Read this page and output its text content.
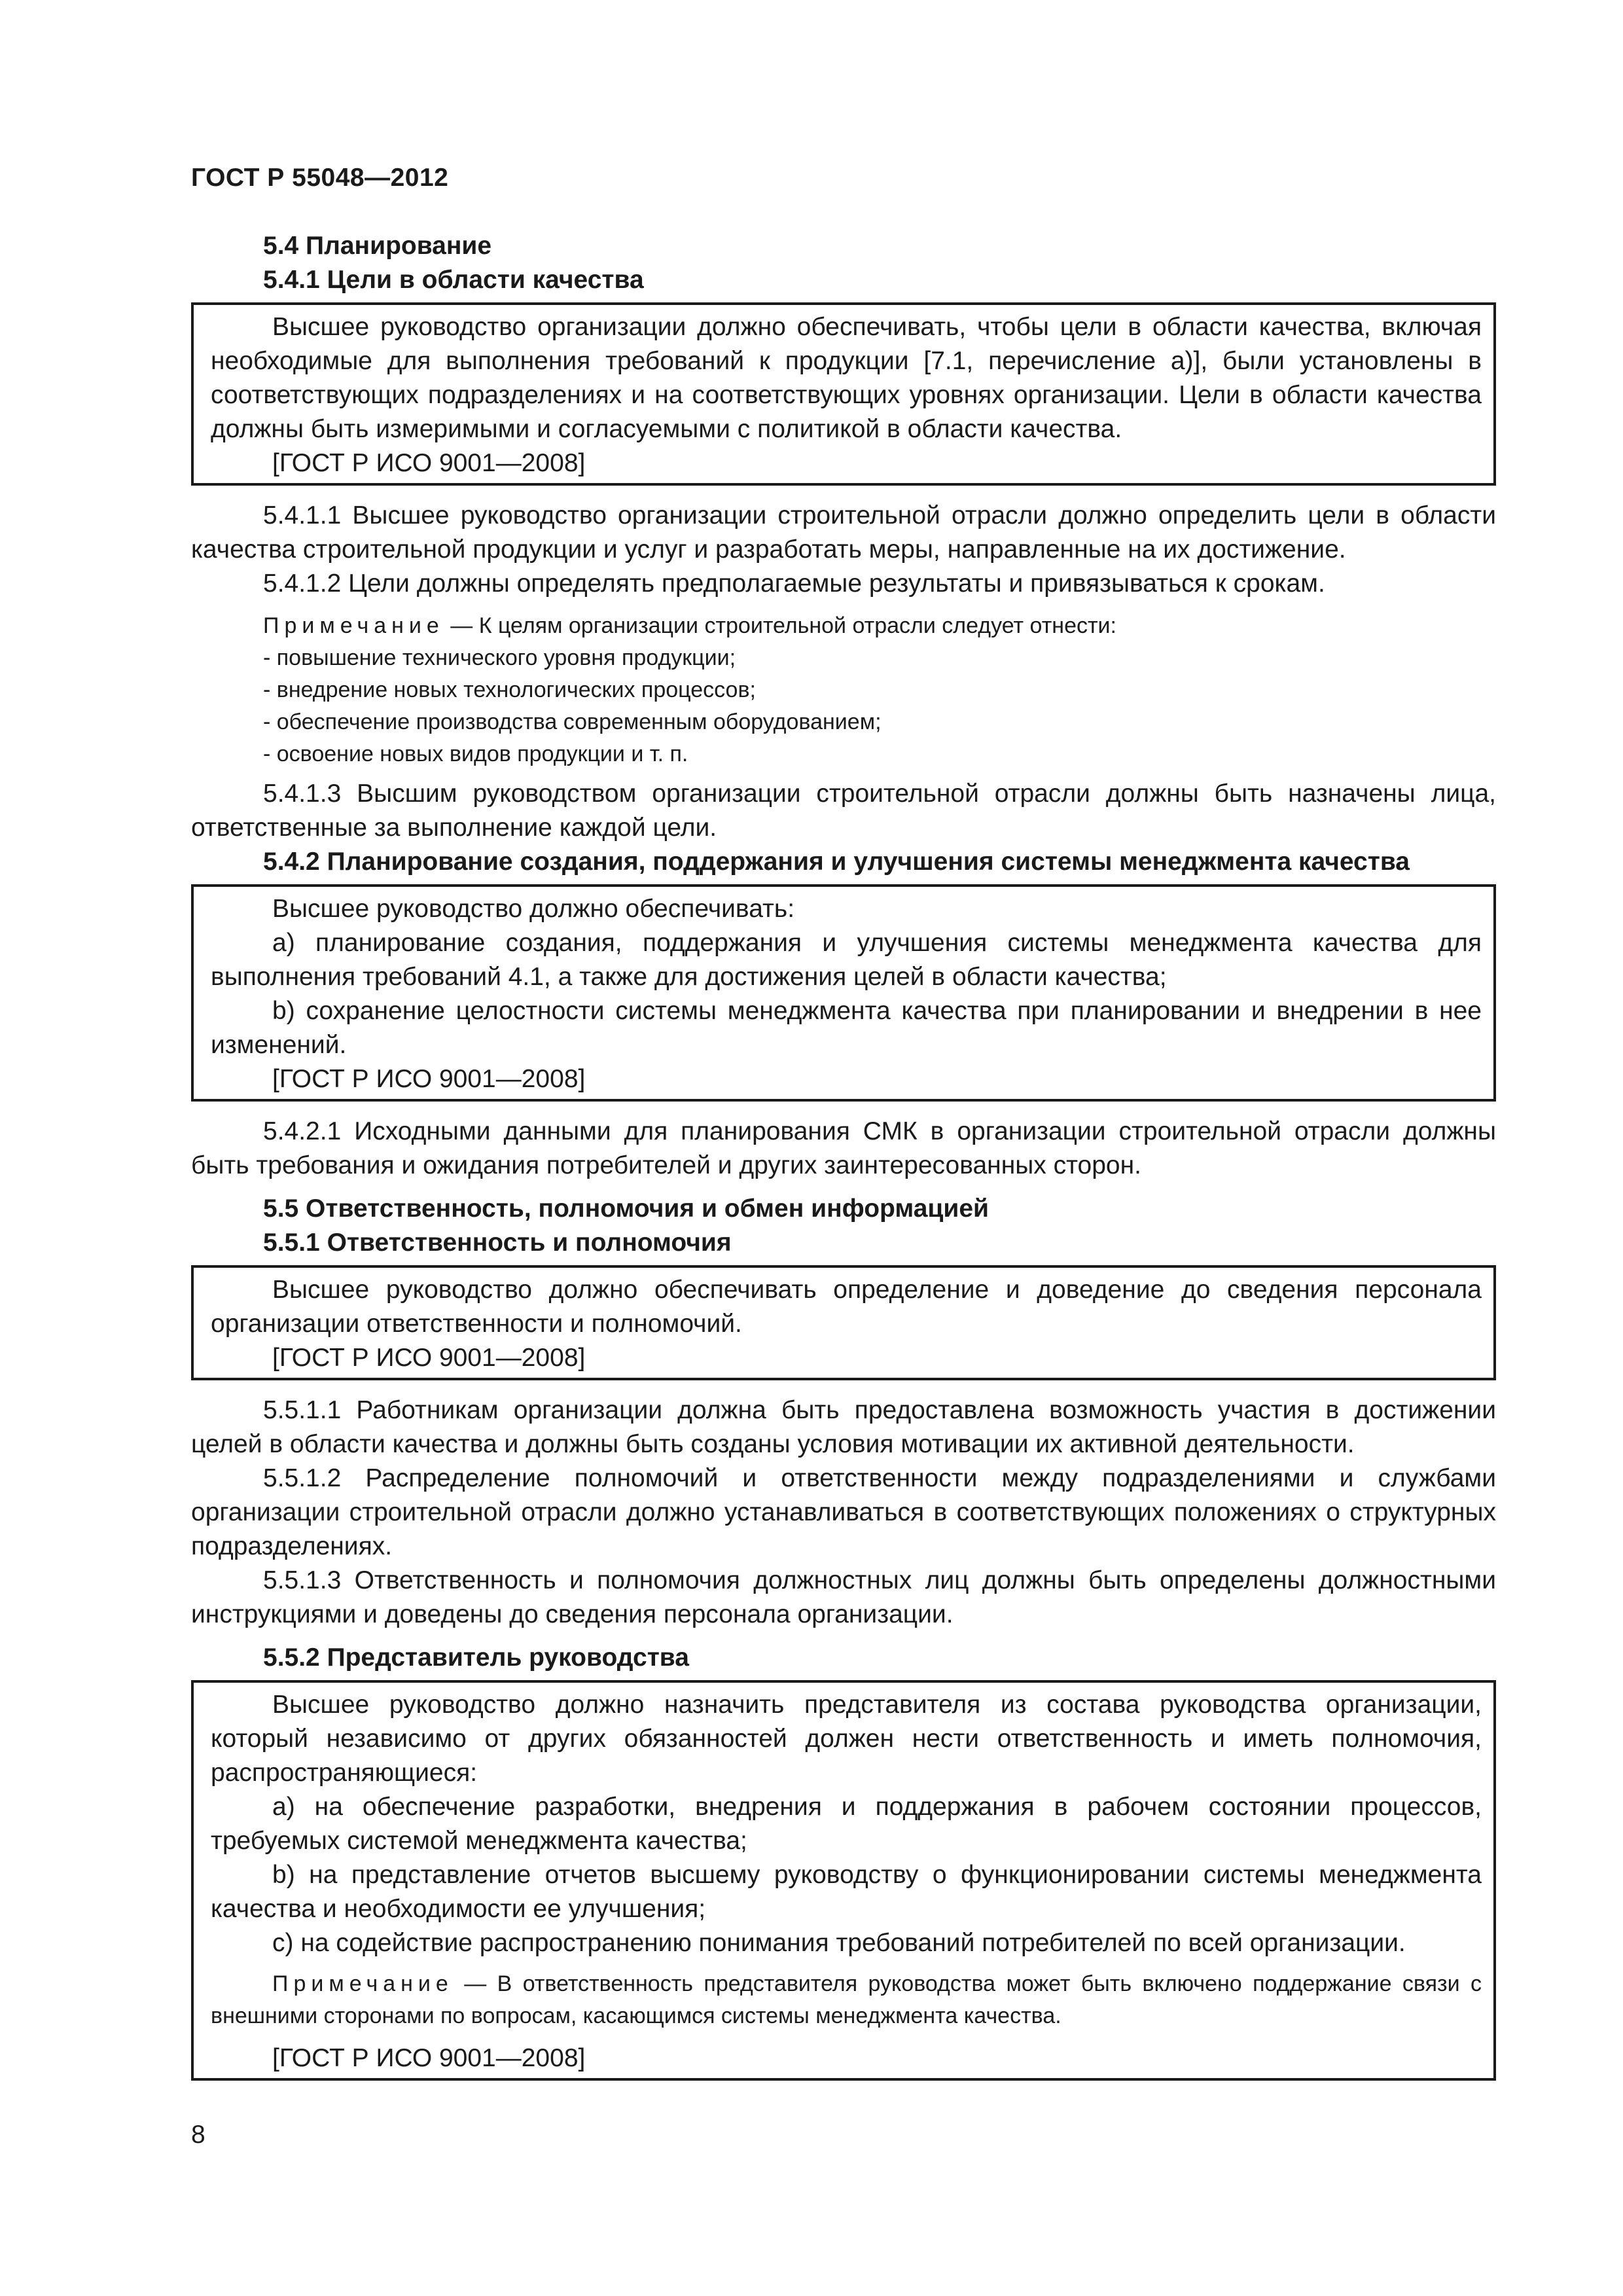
ГОСТ Р 55048—2012

5.4 Планирование

5.4.1 Цели в области качества

Высшее руководство организации должно обеспечивать, чтобы цели в области качества, включая необходимые для выполнения требований к продукции [7.1, перечисление а)], были установлены в соответствующих подразделениях и на соответствующих уровнях организации. Цели в области качества должны быть измеримыми и согласуемыми с политикой в области качества.

[ГОСТ Р ИСО 9001—2008]

5.4.1.1 Высшее руководство организации строительной отрасли должно определить цели в области качества строительной продукции и услуг и разработать меры, направленные на их достижение.

5.4.1.2 Цели должны определять предполагаемые результаты и привязываться к срокам.

Примечание — К целям организации строительной отрасли следует отнести:

- повышение технического уровня продукции;
- внедрение новых технологических процессов;
- обеспечение производства современным оборудованием;
- освоение новых видов продукции и т. п.

5.4.1.3 Высшим руководством организации строительной отрасли должны быть назначены лица, ответственные за выполнение каждой цели.

5.4.2 Планирование создания, поддержания и улучшения системы менеджмента качества

Высшее руководство должно обеспечивать:

а) планирование создания, поддержания и улучшения системы менеджмента качества для выполнения требований 4.1, а также для достижения целей в области качества;

b) сохранение целостности системы менеджмента качества при планировании и внедрении в нее изменений.

[ГОСТ Р ИСО 9001—2008]

5.4.2.1 Исходными данными для планирования СМК в организации строительной отрасли должны быть требования и ожидания потребителей и других заинтересованных сторон.

5.5 Ответственность, полномочия и обмен информацией

5.5.1 Ответственность и полномочия

Высшее руководство должно обеспечивать определение и доведение до сведения персонала организации ответственности и полномочий.

[ГОСТ Р ИСО 9001—2008]

5.5.1.1 Работникам организации должна быть предоставлена возможность участия в достижении целей в области качества и должны быть созданы условия мотивации их активной деятельности.

5.5.1.2 Распределение полномочий и ответственности между подразделениями и службами организации строительной отрасли должно устанавливаться в соответствующих положениях о структурных подразделениях.

5.5.1.3 Ответственность и полномочия должностных лиц должны быть определены должностными инструкциями и доведены до сведения персонала организации.

5.5.2 Представитель руководства

Высшее руководство должно назначить представителя из состава руководства организации, который независимо от других обязанностей должен нести ответственность и иметь полномочия, распространяющиеся:

а) на обеспечение разработки, внедрения и поддержания в рабочем состоянии процессов, требуемых системой менеджмента качества;

b) на представление отчетов высшему руководству о функционировании системы менеджмента качества и необходимости ее улучшения;

с) на содействие распространению понимания требований потребителей по всей организации.

Примечание — В ответственность представителя руководства может быть включено поддержание связи с внешними сторонами по вопросам, касающимся системы менеджмента качества.

[ГОСТ Р ИСО 9001—2008]

8
